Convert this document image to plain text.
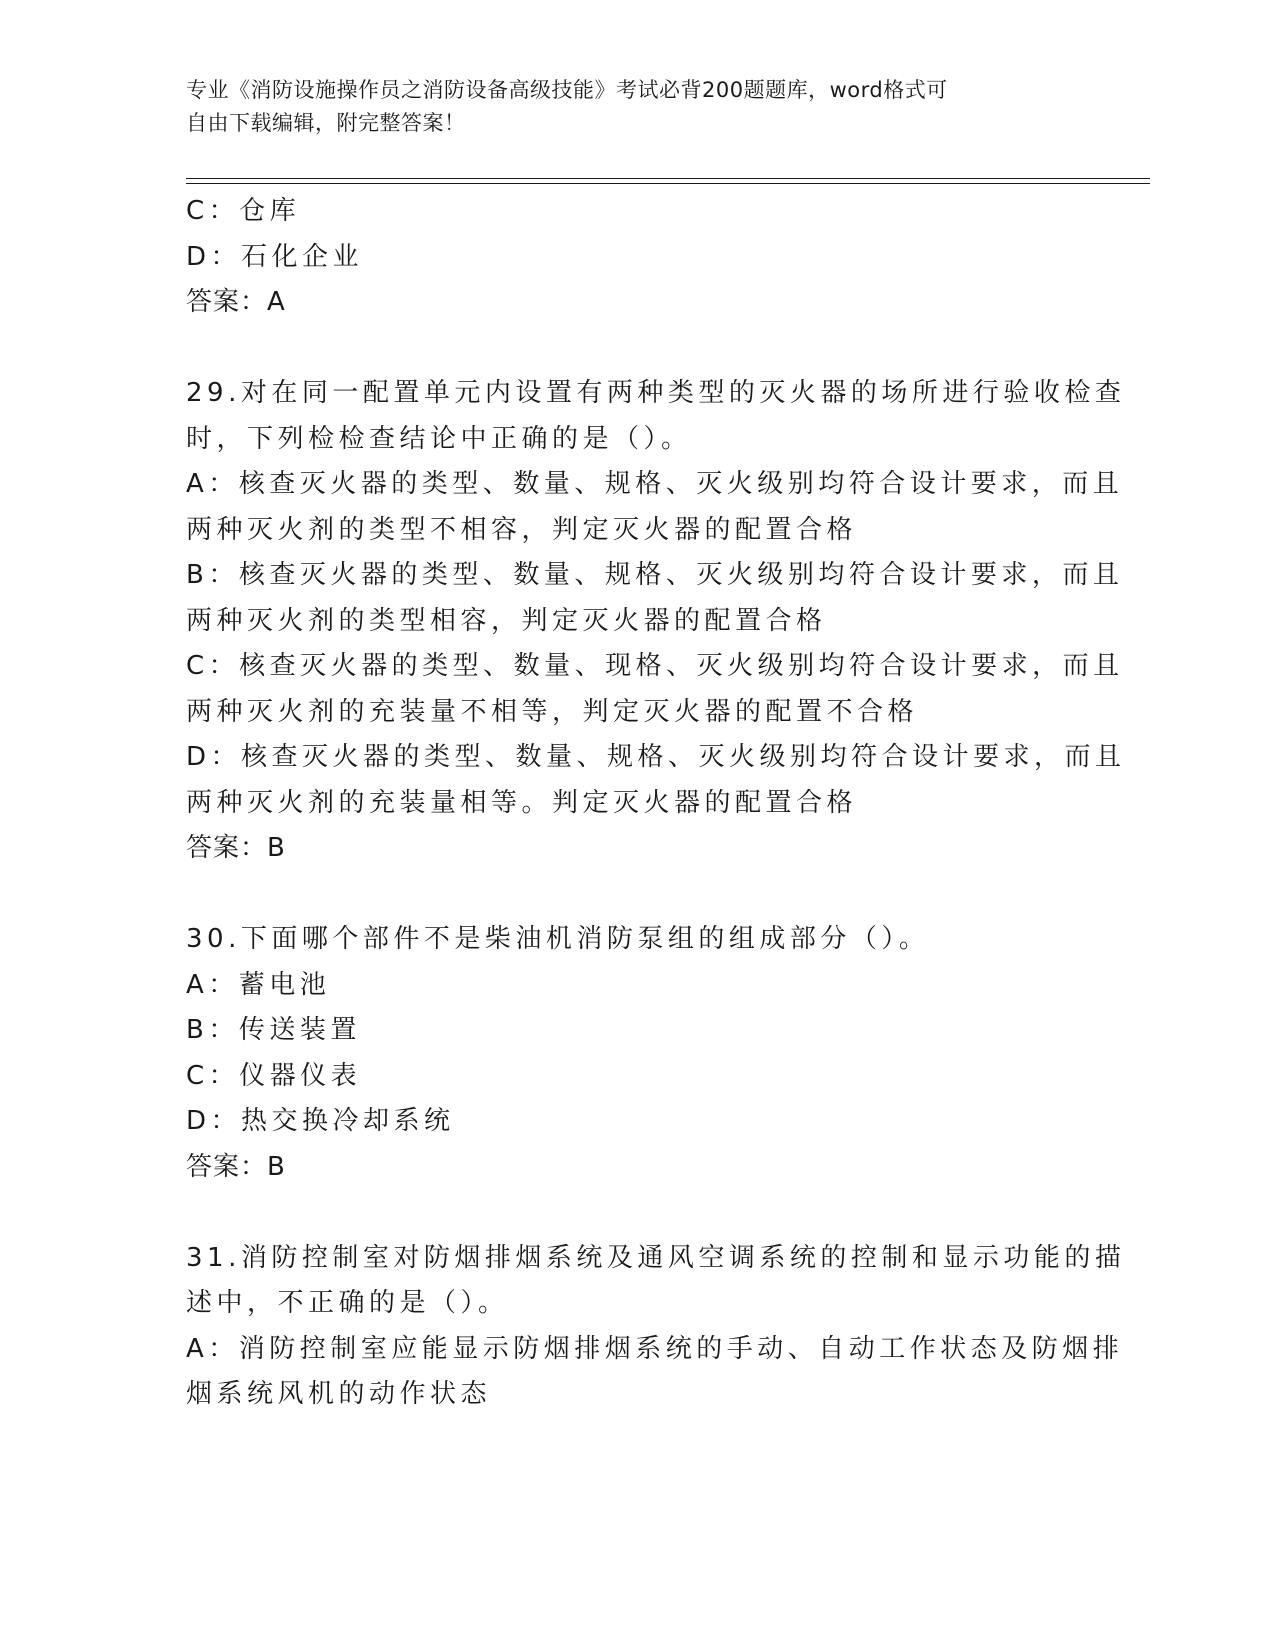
专业《消防设施操作员之消防设备高级技能》考试必背200题题库，word格式可
自由下载编辑，附完整答案！
C：仓库
D：石化企业
答案：A
29.对在同一配置单元内设置有两种类型的灭火器的场所进行验收检查
时，下列检检查结论中正确的是（）。
A：核查灭火器的类型、数量、规格、灭火级别均符合设计要求，而且
两种灭火剂的类型不相容，判定灭火器的配置合格
B：核查灭火器的类型、数量、规格、灭火级别均符合设计要求，而且
两种灭火剂的类型相容，判定灭火器的配置合格
C：核查灭火器的类型、数量、现格、灭火级别均符合设计要求，而且
两种灭火剂的充装量不相等，判定灭火器的配置不合格
D：核查灭火器的类型、数量、规格、灭火级别均符合设计要求，而且
两种灭火剂的充装量相等。判定灭火器的配置合格
答案：B
30.下面哪个部件不是柴油机消防泵组的组成部分（）。
A：蓄电池
B：传送装置
C：仪器仪表
D：热交换冷却系统
答案：B
31.消防控制室对防烟排烟系统及通风空调系统的控制和显示功能的描
述中，不正确的是（）。
A：消防控制室应能显示防烟排烟系统的手动、自动工作状态及防烟排
烟系统风机的动作状态
